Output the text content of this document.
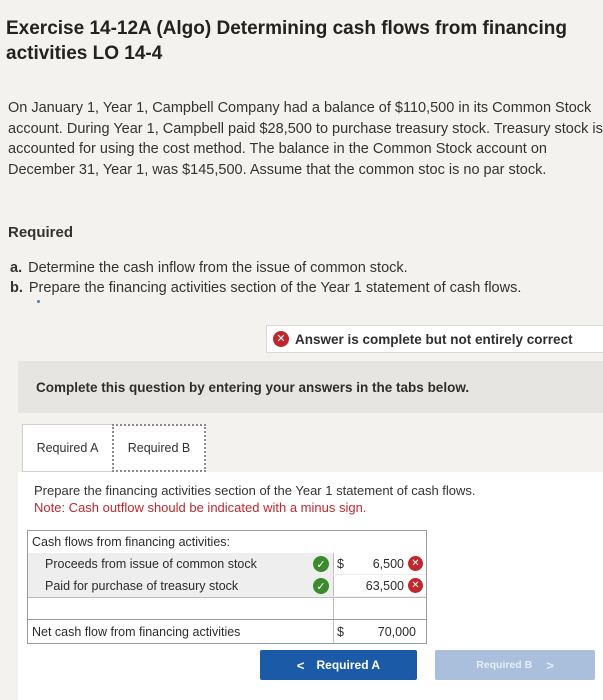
Exercise 14-12A (Algo) Determining cash flows from financing activities LO 14-4
On January 1, Year 1, Campbell Company had a balance of $110,500 in its Common Stock account. During Year 1, Campbell paid $28,500 to purchase treasury stock. Treasury stock is accounted for using the cost method. The balance in the Common Stock account on December 31, Year 1, was $145,500. Assume that the common stoc is no par stock.
Required
a. Determine the cash inflow from the issue of common stock.
b. Prepare the financing activities section of the Year 1 statement of cash flows.
✕ Answer is complete but not entirely correct
Complete this question by entering your answers in the tabs below.
Required A	Required B
Prepare the financing activities section of the Year 1 statement of cash flows.
Note: Cash outflow should be indicated with a minus sign.
Cash flows from financing activities:
Proceeds from issue of common stock	✓ $ 6,500 ✕
Paid for purchase of treasury stock	✓	63,500 ✕
Net cash flow from financing activities	$	70,000
< Required A	Required B >
